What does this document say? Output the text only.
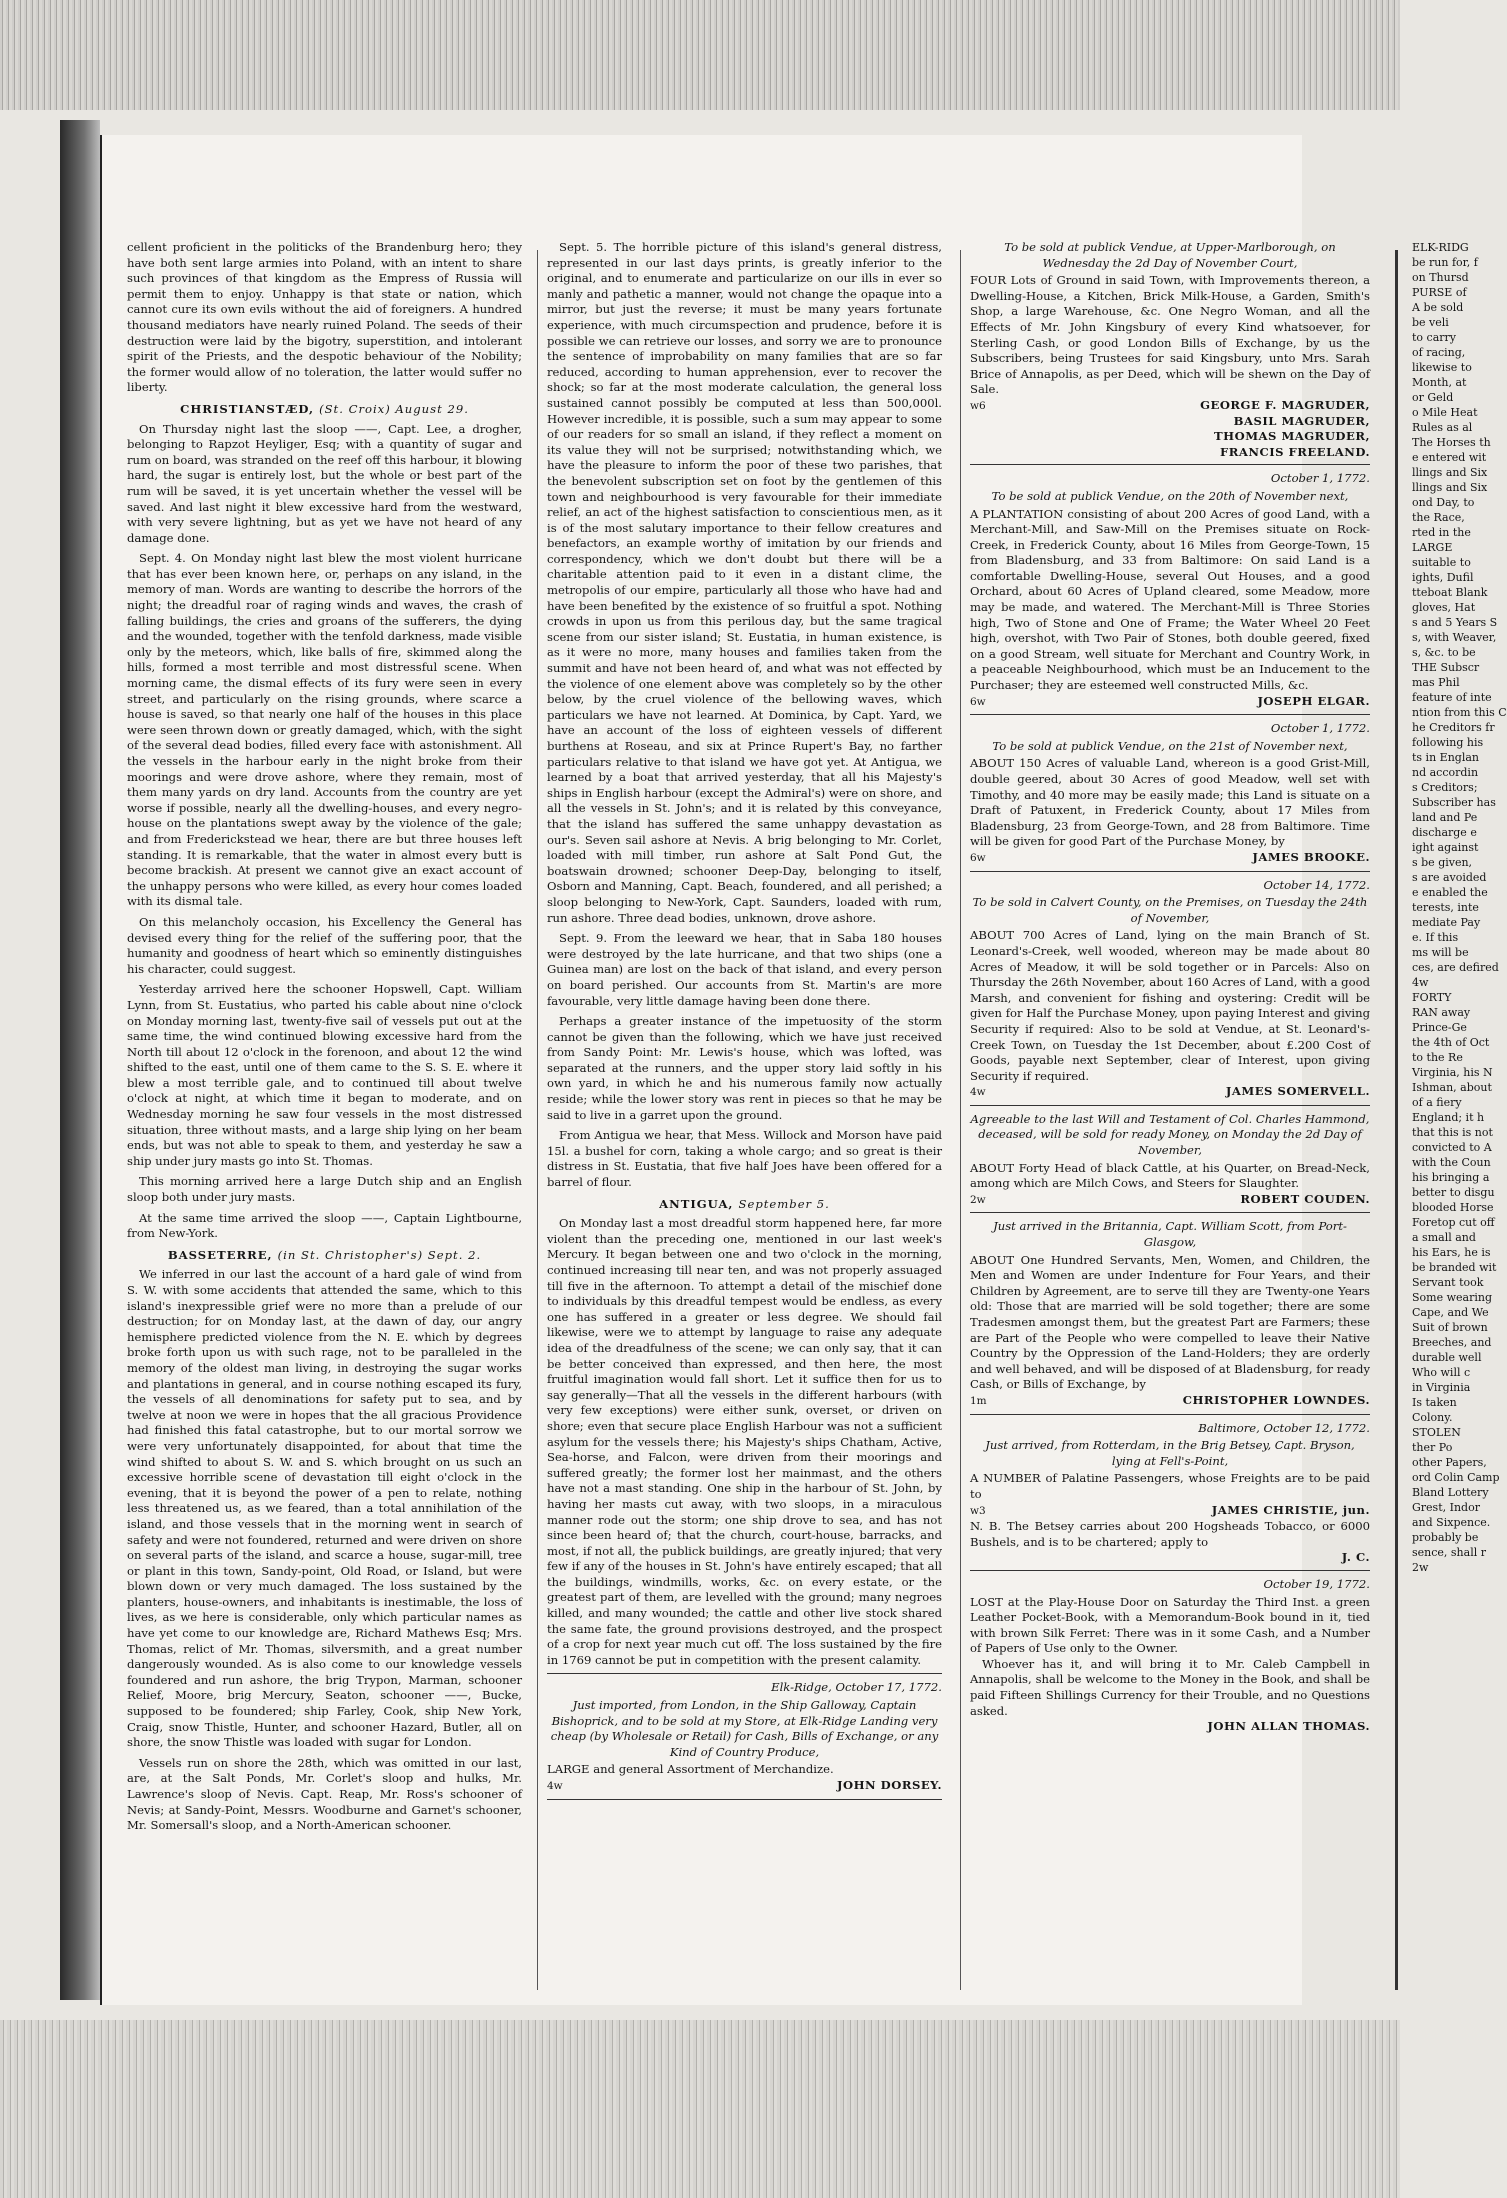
cellent proficient in the politicks of the Brandenburg hero; they have both sent large armies into Poland, with an intent to share such provinces of that kingdom as the Empress of Russia will permit them to enjoy. Unhappy is that state or nation, which cannot cure its own evils without the aid of foreigners. A hundred thousand mediators have nearly ruined Poland. The seeds of their destruction were laid by the bigotry, superstition, and intolerant spirit of the Priests, and the despotic behaviour of the Nobility; the former would allow of no toleration, the latter would suffer no liberty.

CHRISTIANSTÆD, (St. Croix) August 29.

On Thursday night last the sloop ——, Capt. Lee, a drogher, belonging to Rapzot Heyliger, Esq; with a quantity of sugar and rum on board, was stranded on the reef off this harbour, it blowing hard, the sugar is entirely lost, but the whole or best part of the rum will be saved, it is yet uncertain whether the vessel will be saved. And last night it blew excessive hard from the westward, with very severe lightning, but as yet we have not heard of any damage done.

Sept. 4. On Monday night last blew the most violent hurricane that has ever been known here, or, perhaps on any island, in the memory of man. Words are wanting to describe the horrors of the night; the dreadful roar of raging winds and waves, the crash of falling buildings, the cries and groans of the sufferers, the dying and the wounded, together with the tenfold darkness, made visible only by the meteors, which, like balls of fire, skimmed along the hills, formed a most terrible and most distressful scene. When morning came, the dismal effects of its fury were seen in every street, and particularly on the rising grounds, where scarce a house is saved, so that nearly one half of the houses in this place were seen thrown down or greatly damaged, which, with the sight of the several dead bodies, filled every face with astonishment. All the vessels in the harbour early in the night broke from their moorings and were drove ashore, where they remain, most of them many yards on dry land. Accounts from the country are yet worse if possible, nearly all the dwelling-houses, and every negro-house on the plantations swept away by the violence of the gale; and from Frederickstead we hear, there are but three houses left standing. It is remarkable, that the water in almost every butt is become brackish. At present we cannot give an exact account of the unhappy persons who were killed, as every hour comes loaded with its dismal tale.

On this melancholy occasion, his Excellency the General has devised every thing for the relief of the suffering poor, that the humanity and goodness of heart which so eminently distinguishes his character, could suggest.

Yesterday arrived here the schooner Hopswell, Capt. William Lynn, from St. Eustatius, who parted his cable about nine o'clock on Monday morning last, twenty-five sail of vessels put out at the same time, the wind continued blowing excessive hard from the North till about 12 o'clock in the forenoon, and about 12 the wind shifted to the east, until one of them came to the S. S. E. where it blew a most terrible gale, and to continued till about twelve o'clock at night, at which time it began to moderate, and on Wednesday morning he saw four vessels in the most distressed situation, three without masts, and a large ship lying on her beam ends, but was not able to speak to them, and yesterday he saw a ship under jury masts go into St. Thomas.

This morning arrived here a large Dutch ship and an English sloop both under jury masts.

At the same time arrived the sloop ——, Captain Lightbourne, from New-York.

BASSETERRE, (in St. Christopher's) Sept. 2.

We inferred in our last the account of a hard gale of wind from S. W. with some accidents that attended the same, which to this island's inexpressible grief were no more than a prelude of our destruction; for on Monday last, at the dawn of day, our angry hemisphere predicted violence from the N. E. which by degrees broke forth upon us with such rage, not to be paralleled in the memory of the oldest man living, in destroying the sugar works and plantations in general, and in course nothing escaped its fury, the vessels of all denominations for safety put to sea, and by twelve at noon we were in hopes that the all gracious Providence had finished this fatal catastrophe, but to our mortal sorrow we were very unfortunately disappointed, for about that time the wind shifted to about S. W. and S. which brought on us such an excessive horrible scene of devastation till eight o'clock in the evening, that it is beyond the power of a pen to relate, nothing less threatened us, as we feared, than a total annihilation of the island, and those vessels that in the morning went in search of safety and were not foundered, returned and were driven on shore on several parts of the island, and scarce a house, sugar-mill, tree or plant in this town, Sandy-point, Old Road, or Island, but were blown down or very much damaged. The loss sustained by the planters, house-owners, and inhabitants is inestimable, the loss of lives, as we here is considerable, only which particular names as have yet come to our knowledge are, Richard Mathews Esq; Mrs. Thomas, relict of Mr. Thomas, silversmith, and a great number dangerously wounded. As is also come to our knowledge vessels foundered and run ashore, the brig Trypon, Marman, schooner Relief, Moore, brig Mercury, Seaton, schooner ——, Bucke, supposed to be foundered; ship Farley, Cook, ship New York, Craig, snow Thistle, Hunter, and schooner Hazard, Butler, all on shore, the snow Thistle was loaded with sugar for London.

Vessels run on shore the 28th, which was omitted in our last, are, at the Salt Ponds, Mr. Corlet's sloop and hulks, Mr. Lawrence's sloop of Nevis. Capt. Reap, Mr. Ross's schooner of Nevis; at Sandy-Point, Messrs. Woodburne and Garnet's schooner, Mr. Somersall's sloop, and a North-American schooner.

Sept. 5. The horrible picture of this island's general distress, represented in our last days prints, is greatly inferior to the original, and to enumerate and particularize on our ills in ever so manly and pathetic a manner, would not change the opaque into a mirror, but just the reverse; it must be many years fortunate experience, with much circumspection and prudence, before it is possible we can retrieve our losses, and sorry we are to pronounce the sentence of improbability on many families that are so far reduced, according to human apprehension, ever to recover the shock; so far at the most moderate calculation, the general loss sustained cannot possibly be computed at less than 500,000l. However incredible, it is possible, such a sum may appear to some of our readers for so small an island, if they reflect a moment on its value they will not be surprised; notwithstanding which, we have the pleasure to inform the poor of these two parishes, that the benevolent subscription set on foot by the gentlemen of this town and neighbourhood is very favourable for their immediate relief, an act of the highest satisfaction to conscientious men, as it is of the most salutary importance to their fellow creatures and benefactors, an example worthy of imitation by our friends and correspondency, which we don't doubt but there will be a charitable attention paid to it even in a distant clime, the metropolis of our empire, particularly all those who have had and have been benefited by the existence of so fruitful a spot. Nothing crowds in upon us from this perilous day, but the same tragical scene from our sister island; St. Eustatia, in human existence, is as it were no more, many houses and families taken from the summit and have not been heard of, and what was not effected by the violence of one element above was completely so by the other below, by the cruel violence of the bellowing waves, which particulars we have not learned. At Dominica, by Capt. Yard, we have an account of the loss of eighteen vessels of different burthens at Roseau, and six at Prince Rupert's Bay, no farther particulars relative to that island we have got yet. At Antigua, we learned by a boat that arrived yesterday, that all his Majesty's ships in English harbour (except the Admiral's) were on shore, and all the vessels in St. John's; and it is related by this conveyance, that the island has suffered the same unhappy devastation as our's. Seven sail ashore at Nevis. A brig belonging to Mr. Corlet, loaded with mill timber, run ashore at Salt Pond Gut, the boatswain drowned; schooner Deep-Day, belonging to itself, Osborn and Manning, Capt. Beach, foundered, and all perished; a sloop belonging to New-York, Capt. Saunders, loaded with rum, run ashore. Three dead bodies, unknown, drove ashore.

Sept. 9. From the leeward we hear, that in Saba 180 houses were destroyed by the late hurricane, and that two ships (one a Guinea man) are lost on the back of that island, and every person on board perished. Our accounts from St. Martin's are more favourable, very little damage having been done there.

Perhaps a greater instance of the impetuosity of the storm cannot be given than the following, which we have just received from Sandy Point: Mr. Lewis's house, which was lofted, was separated at the runners, and the upper story laid softly in his own yard, in which he and his numerous family now actually reside; while the lower story was rent in pieces so that he may be said to live in a garret upon the ground.

From Antigua we hear, that Mess. Willock and Morson have paid 15l. a bushel for corn, taking a whole cargo; and so great is their distress in St. Eustatia, that five half Joes have been offered for a barrel of flour.

ANTIGUA, September 5.

On Monday last a most dreadful storm happened here, far more violent than the preceding one, mentioned in our last week's Mercury. It began between one and two o'clock in the morning, continued increasing till near ten, and was not properly assuaged till five in the afternoon. To attempt a detail of the mischief done to individuals by this dreadful tempest would be endless, as every one has suffered in a greater or less degree. We should fail likewise, were we to attempt by language to raise any adequate idea of the dreadfulness of the scene; we can only say, that it can be better conceived than expressed, and then here, the most fruitful imagination would fall short. Let it suffice then for us to say generally—That all the vessels in the different harbours (with very few exceptions) were either sunk, overset, or driven on shore; even that secure place English Harbour was not a sufficient asylum for the vessels there; his Majesty's ships Chatham, Active, Sea-horse, and Falcon, were driven from their moorings and suffered greatly; the former lost her mainmast, and the others have not a mast standing. One ship in the harbour of St. John, by having her masts cut away, with two sloops, in a miraculous manner rode out the storm; one ship drove to sea, and has not since been heard of; that the church, court-house, barracks, and most, if not all, the publick buildings, are greatly injured; that very few if any of the houses in St. John's have entirely escaped; that all the buildings, windmills, works, &c. on every estate, or the greatest part of them, are levelled with the ground; many negroes killed, and many wounded; the cattle and other live stock shared the same fate, the ground provisions destroyed, and the prospect of a crop for next year much cut off. The loss sustained by the fire in 1769 cannot be put in competition with the present calamity.

Elk-Ridge, October 17, 1772.
Just imported, from London, in the Ship Galloway, Captain Bishoprick, and to be sold at my Store, at Elk-Ridge Landing very cheap (by Wholesale or Retail) for Cash, Bills of Exchange, or any Kind of Country Produce,
LARGE and general Assortment of Merchandize.
4w	JOHN DORSEY.
To be sold at publick Vendue, at Upper-Marlborough, on Wednesday the 2d Day of November Court,
FOUR Lots of Ground in said Town, with Improvements thereon, a Dwelling-House, a Kitchen, Brick Milk-House, a Garden, Smith's Shop, a large Warehouse, &c. One Negro Woman, and all the Effects of Mr. John Kingsbury of every Kind whatsoever, for Sterling Cash, or good London Bills of Exchange, by us the Subscribers, being Trustees for said Kingsbury, unto Mrs. Sarah Brice of Annapolis, as per Deed, which will be shewn on the Day of Sale.
w6	GEORGE F. MAGRUDER,
BASIL MAGRUDER,
THOMAS MAGRUDER,
FRANCIS FREELAND.
October 1, 1772.
To be sold at publick Vendue, on the 20th of November next,
A PLANTATION consisting of about 200 Acres of good Land, with a Merchant-Mill, and Saw-Mill on the Premises situate on Rock-Creek, in Frederick County, about 16 Miles from George-Town, 15 from Bladensburg, and 33 from Baltimore: On said Land is a comfortable Dwelling-House, several Out Houses, and a good Orchard, about 60 Acres of Upland cleared, some Meadow, more may be made, and watered. The Merchant-Mill is Three Stories high, Two of Stone and One of Frame; the Water Wheel 20 Feet high, overshot, with Two Pair of Stones, both double geered, fixed on a good Stream, well situate for Merchant and Country Work, in a peaceable Neighbourhood, which must be an Inducement to the Purchaser; they are esteemed well constructed Mills, &c.
6w	JOSEPH ELGAR.
October 1, 1772.
To be sold at publick Vendue, on the 21st of November next,
ABOUT 150 Acres of valuable Land, whereon is a good Grist-Mill, double geered, about 30 Acres of good Meadow, well set with Timothy, and 40 more may be easily made; this Land is situate on a Draft of Patuxent, in Frederick County, about 17 Miles from Bladensburg, 23 from George-Town, and 28 from Baltimore. Time will be given for good Part of the Purchase Money, by
6w	JAMES BROOKE.
October 14, 1772.
To be sold in Calvert County, on the Premises, on Tuesday the 24th of November,
ABOUT 700 Acres of Land, lying on the main Branch of St. Leonard's-Creek, well wooded, whereon may be made about 80 Acres of Meadow, it will be sold together or in Parcels: Also on Thursday the 26th November, about 160 Acres of Land, with a good Marsh, and convenient for fishing and oystering: Credit will be given for Half the Purchase Money, upon paying Interest and giving Security if required: Also to be sold at Vendue, at St. Leonard's-Creek Town, on Tuesday the 1st December, about £.200 Cost of Goods, payable next September, clear of Interest, upon giving Security if required.
4w	JAMES SOMERVELL.
Agreeable to the last Will and Testament of Col. Charles Hammond, deceased, will be sold for ready Money, on Monday the 2d Day of November,
ABOUT Forty Head of black Cattle, at his Quarter, on Bread-Neck, among which are Milch Cows, and Steers for Slaughter.
2w	ROBERT COUDEN.
Just arrived in the Britannia, Capt. William Scott, from Port-Glasgow,
ABOUT One Hundred Servants, Men, Women, and Children, the Men and Women are under Indenture for Four Years, and their Children by Agreement, are to serve till they are Twenty-one Years old: Those that are married will be sold together; there are some Tradesmen amongst them, but the greatest Part are Farmers; these are Part of the People who were compelled to leave their Native Country by the Oppression of the Land-Holders; they are orderly and well behaved, and will be disposed of at Bladensburg, for ready Cash, or Bills of Exchange, by
1m	CHRISTOPHER LOWNDES.
Baltimore, October 12, 1772.
Just arrived, from Rotterdam, in the Brig Betsey, Capt. Bryson, lying at Fell's-Point,
A NUMBER of Palatine Passengers, whose Freights are to be paid to
w3	JAMES CHRISTIE, jun.
N. B. The Betsey carries about 200 Hogsheads Tobacco, or 6000 Bushels, and is to be chartered; apply to
J. C.
October 19, 1772.
LOST at the Play-House Door on Saturday the Third Inst. a green Leather Pocket-Book, with a Memorandum-Book bound in it, tied with brown Silk Ferret: There was in it some Cash, and a Number of Papers of Use only to the Owner.
Whoever has it, and will bring it to Mr. Caleb Campbell in Annapolis, shall be welcome to the Money in the Book, and shall be paid Fifteen Shillings Currency for their Trouble, and no Questions asked.
JOHN ALLAN THOMAS.
ELK-RIDG
be run for, f
on Thursd
PURSE of
A be sold
be veli
to carry
of racing,
likewise to
Month, at
or Geld
o Mile Heat
Rules as al
The Horses th
e entered wit
llings and Six
llings and Six
ond Day, to
the Race,
rted in the
LARGE
suitable to
ights, Dufil
tteboat Blank
gloves, Hat
s and 5 Years S
s, with Weaver,
s, &c. to be
THE Subscr
mas Phil
feature of inte
ntion from this C
he Creditors fr
following his
ts in Englan
nd accordin
s Creditors;
Subscriber has
land and Pe
discharge e
ight against
s be given,
s are avoided
e enabled the
terests, inte
mediate Pay
e. If this
ms will be
ces, are defired
4w
FORTY
RAN away
Prince-Ge
the 4th of Oct
to the Re
Virginia, his N
Ishman, about
of a fiery
England; it h
that this is not
convicted to A
with the Coun
his bringing a
better to disgu
blooded Horse
Foretop cut off
a small and
his Ears, he is
be branded wit
Servant took
Some wearing
Cape, and We
Suit of brown
Breeches, and
durable well
Who will c
in Virginia
Is taken
Colony.
STOLEN
ther Po
other Papers,
ord Colin Camp
Bland Lottery
Grest, Indor
and Sixpence.
probably be
sence, shall r
2w
